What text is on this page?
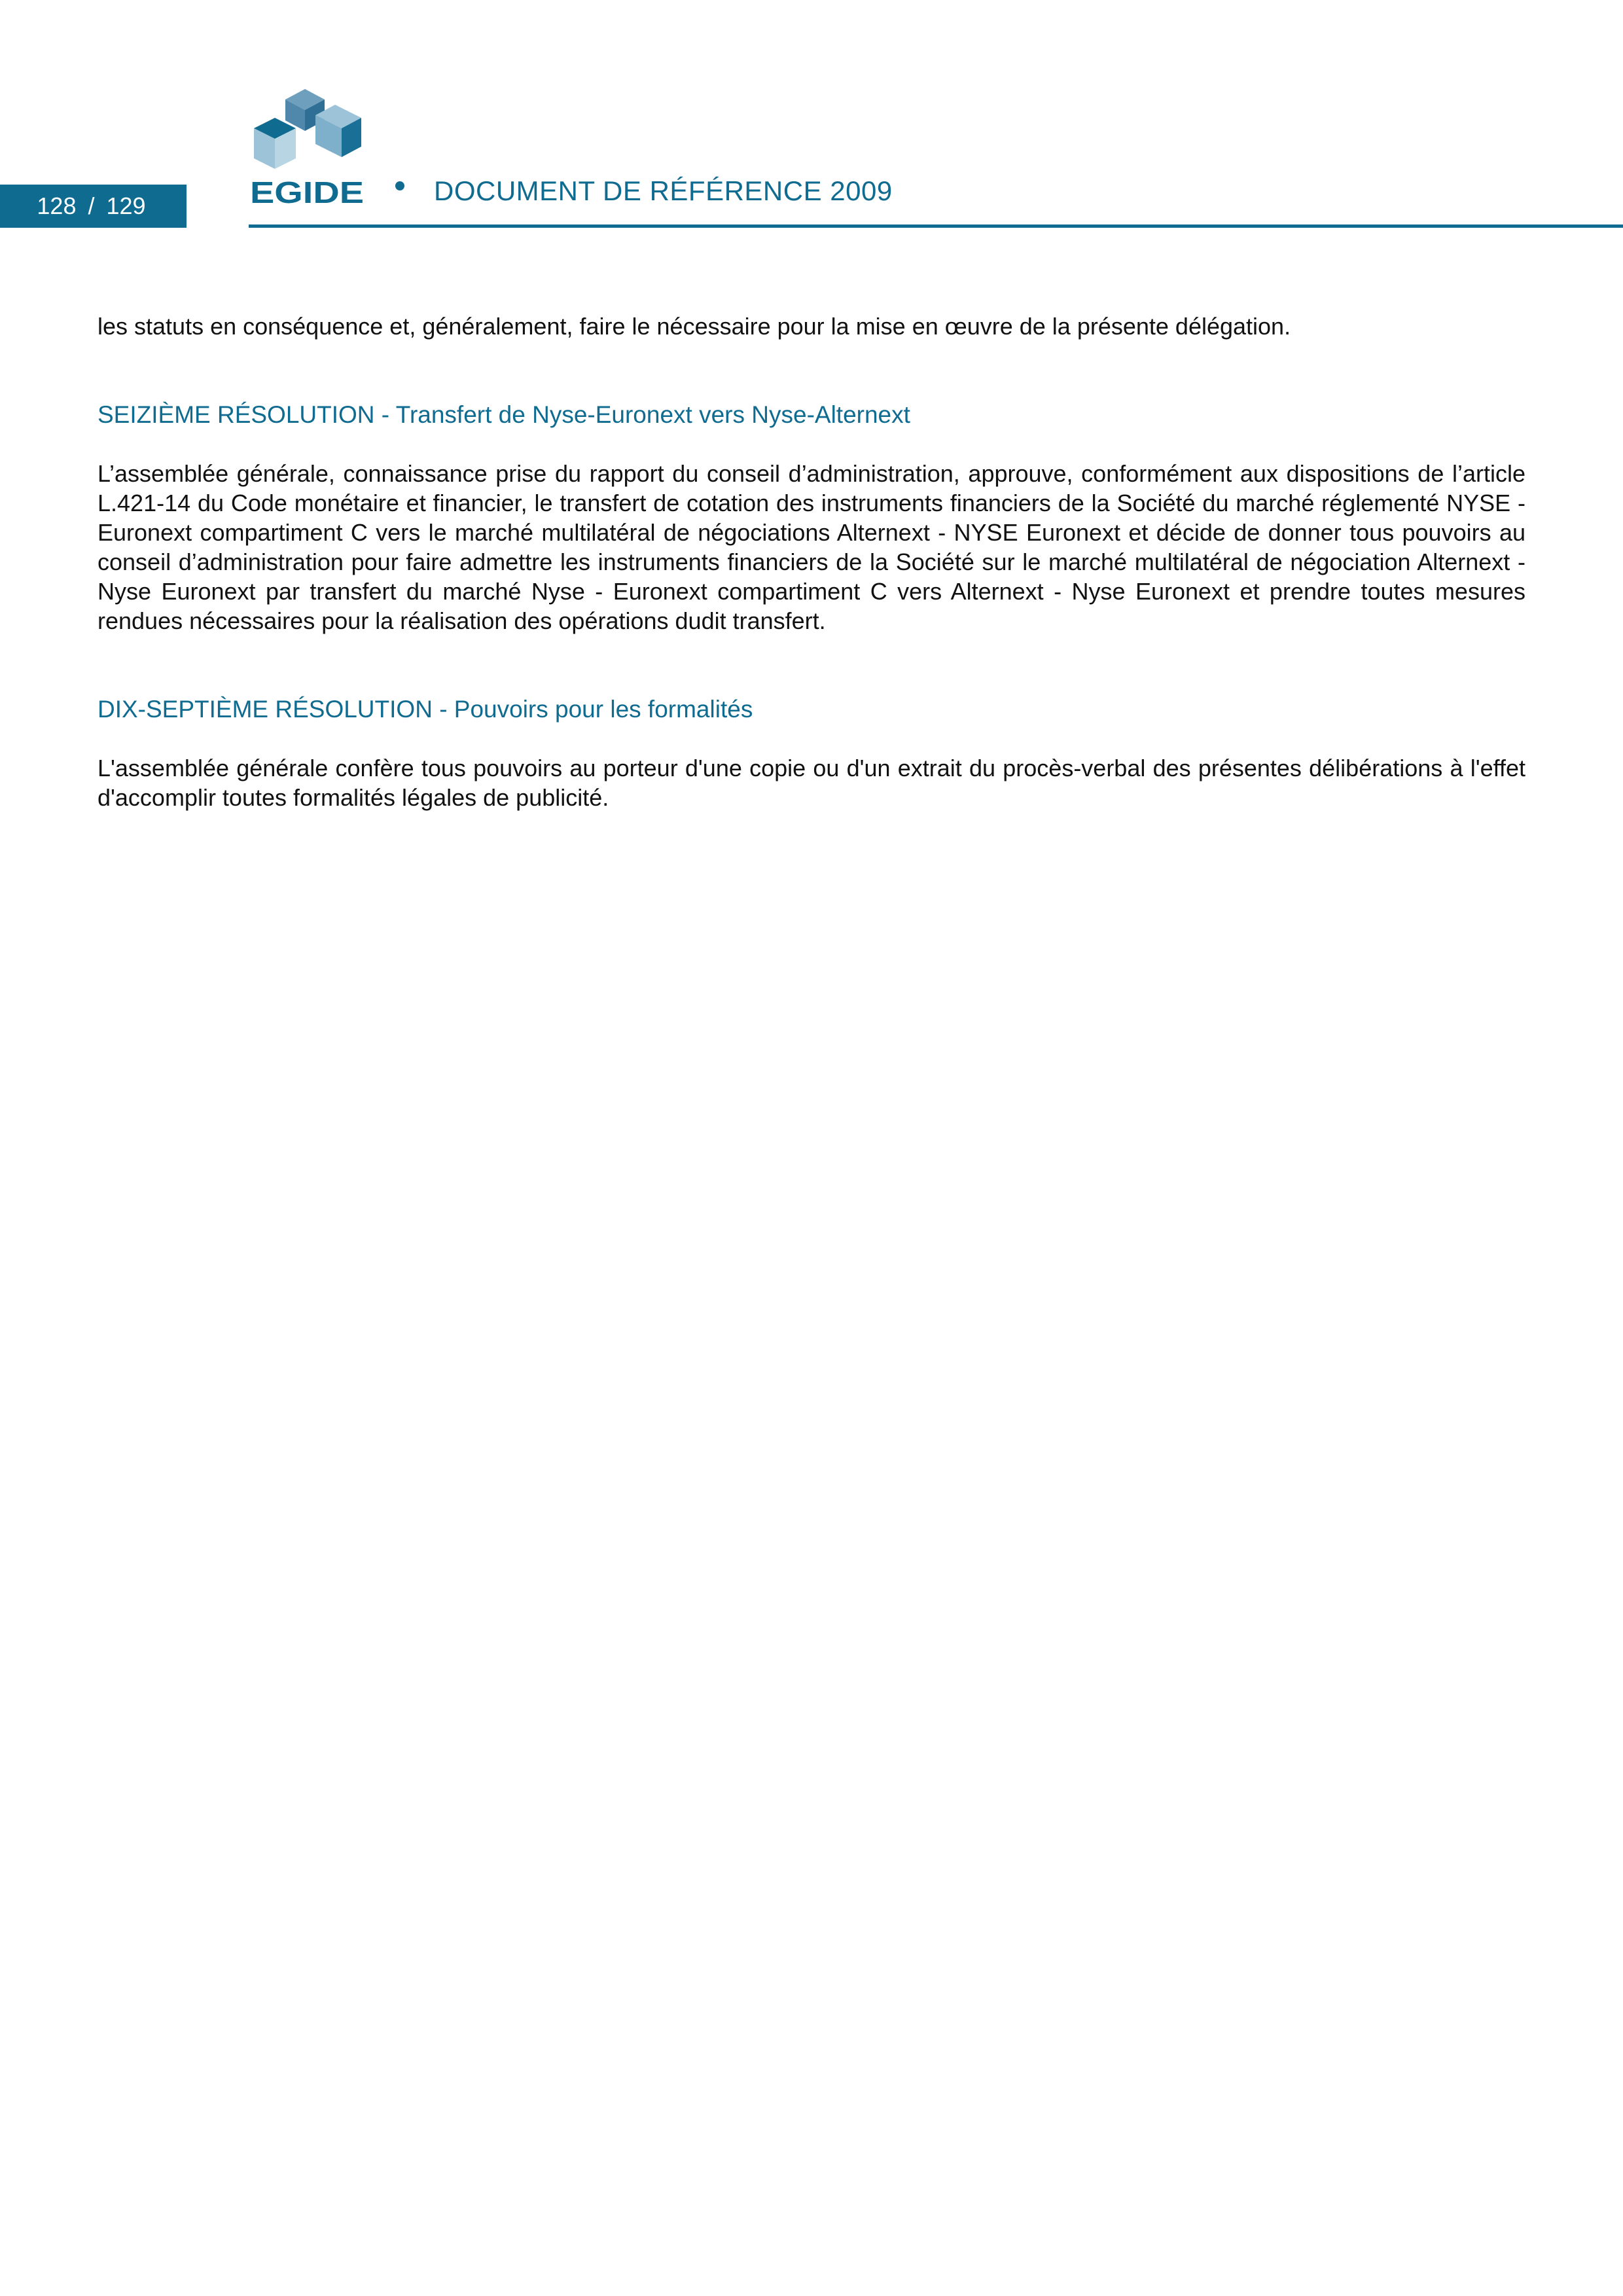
128 / 129	EGIDE	DOCUMENT DE RÉFÉRENCE 2009

les statuts en conséquence et, généralement, faire le nécessaire pour la mise en œuvre de la présente délégation.

SEIZIÈME RÉSOLUTION - Transfert de Nyse-Euronext vers Nyse-Alternext

L’assemblée générale, connaissance prise du rapport du conseil d’administration, approuve, conformément aux dispositions de l’article L.421-14 du Code monétaire et financier, le transfert de cotation des instruments financiers de la Société du marché réglementé NYSE - Euronext compartiment C vers le marché multilatéral de négociations Alternext - NYSE Euronext et décide de donner tous pouvoirs au conseil d’administration pour faire admettre les instruments financiers de la Société sur le marché multilatéral de négociation Alternext - Nyse Euronext par transfert du marché Nyse - Euronext compartiment C vers Alternext - Nyse Euronext et prendre toutes mesures rendues nécessaires pour la réalisation des opérations dudit transfert.

DIX-SEPTIÈME RÉSOLUTION - Pouvoirs pour les formalités

L'assemblée générale confère tous pouvoirs au porteur d'une copie ou d'un extrait du procès-verbal des présentes délibérations à l'effet d'accomplir toutes formalités légales de publicité.
